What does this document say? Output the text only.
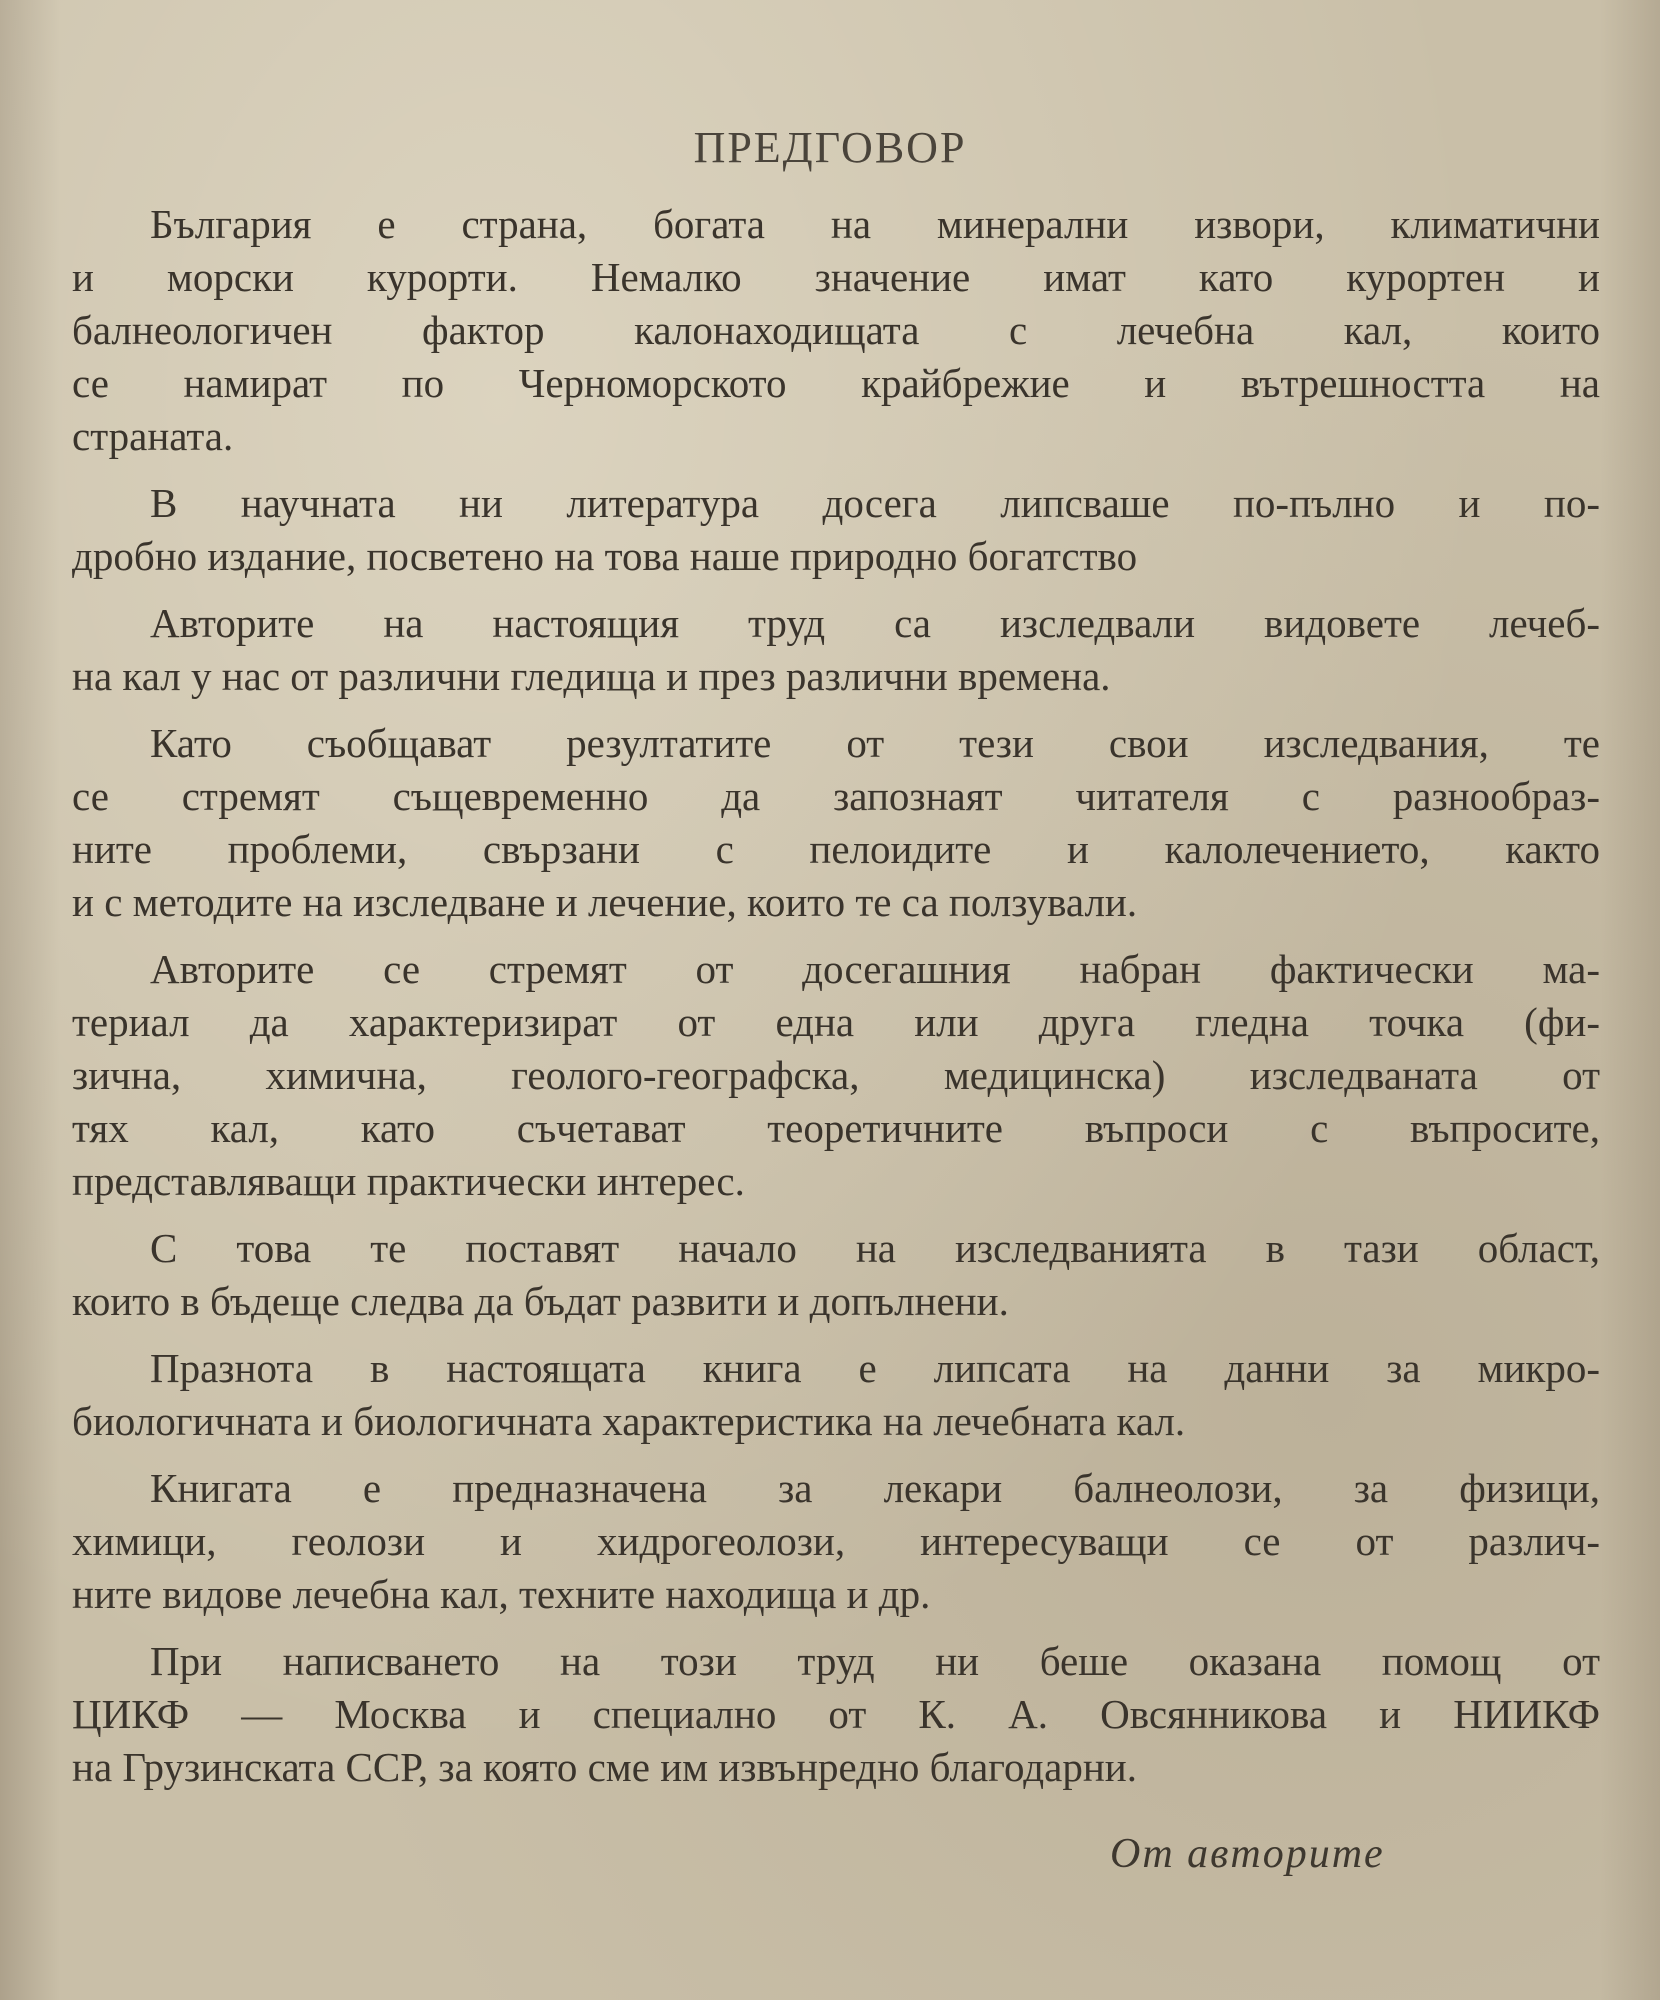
ПРЕДГОВОР

България е страна, богата на минерални извори, климатични
и морски курорти. Немалко значение имат като курортен и
балнеологичен фактор калонаходищата с лечебна кал, които
се намират по Черноморското крайбрежие и вътрешността на
страната.

В научната ни литература досега липсваше по-пълно и по-
дробно издание, посветено на това наше природно богатство

Авторите на настоящия труд са изследвали видовете лечеб-
на кал у нас от различни гледища и през различни времена.

Като съобщават резултатите от тези свои изследвания, те
се стремят същевременно да запознаят читателя с разнообраз-
ните проблеми, свързани с пелоидите и калолечението, както
и с методите на изследване и лечение, които те са ползували.

Авторите се стремят от досегашния набран фактически ма-
териал да характеризират от една или друга гледна точка (фи-
зична, химична, геолого-географска, медицинска) изследваната от
тях кал, като съчетават теоретичните въпроси с въпросите,
представляващи практически интерес.

С това те поставят начало на изследванията в тази област,
които в бъдеще следва да бъдат развити и допълнени.

Празнота в настоящата книга е липсата на данни за микро-
биологичната и биологичната характеристика на лечебната кал.

Книгата е предназначена за лекари балнеолози, за физици,
химици, геолози и хидрогеолози, интересуващи се от различ-
ните видове лечебна кал, техните находища и др.

При написването на този труд ни беше оказана помощ от
ЦИКФ — Москва и специално от К. А. Овсянникова и НИИКФ
на Грузинската ССР, за която сме им извънредно благодарни.

От авторите
